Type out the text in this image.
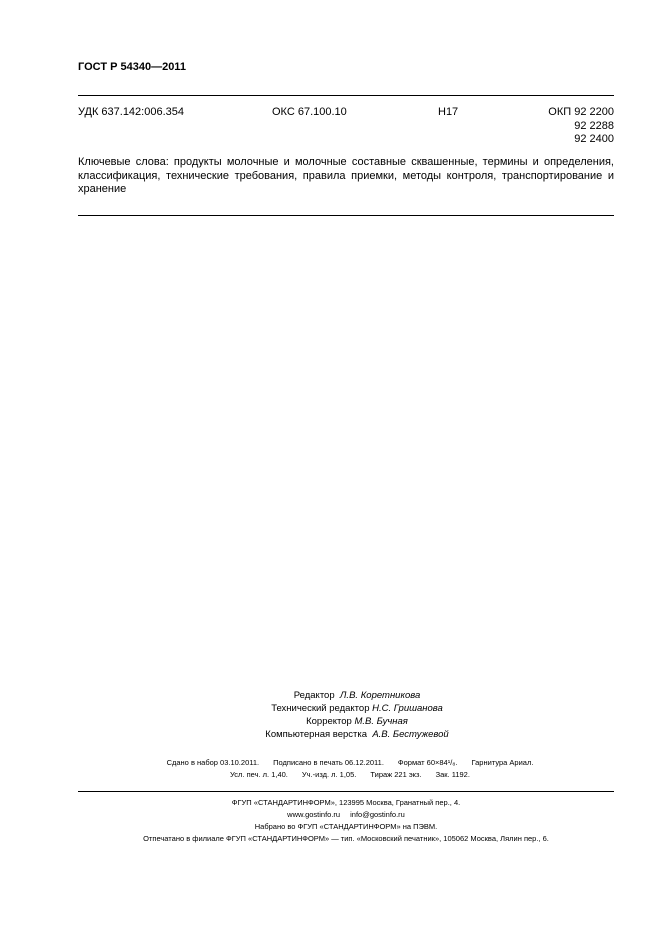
ГОСТ Р 54340—2011
УДК 637.142:006.354	ОКС 67.100.10	Н17	ОКП 92 2200
92 2288
92 2400
Ключевые слова: продукты молочные и молочные составные сквашенные, термины и определения, классификация, технические требования, правила приемки, методы контроля, транспортирование и хранение
Редактор Л.В. Коретникова
Технический редактор Н.С. Гришанова
Корректор М.В. Бучная
Компьютерная верстка А.В. Бестужевой
Сдано в набор 03.10.2011. Подписано в печать 06.12.2011. Формат 60×84¹/₈. Гарнитура Ариал.
Усл. печ. л. 1,40. Уч.-изд. л. 1,05. Тираж 221 экз. Зак. 1192.
ФГУП «СТАНДАРТИНФОРМ», 123995 Москва, Гранатный пер., 4.
www.gostinfo.ru info@gostinfo.ru
Набрано во ФГУП «СТАНДАРТИНФОРМ» на ПЭВМ.
Отпечатано в филиале ФГУП «СТАНДАРТИНФОРМ» — тип. «Московский печатник», 105062 Москва, Лялин пер., 6.
